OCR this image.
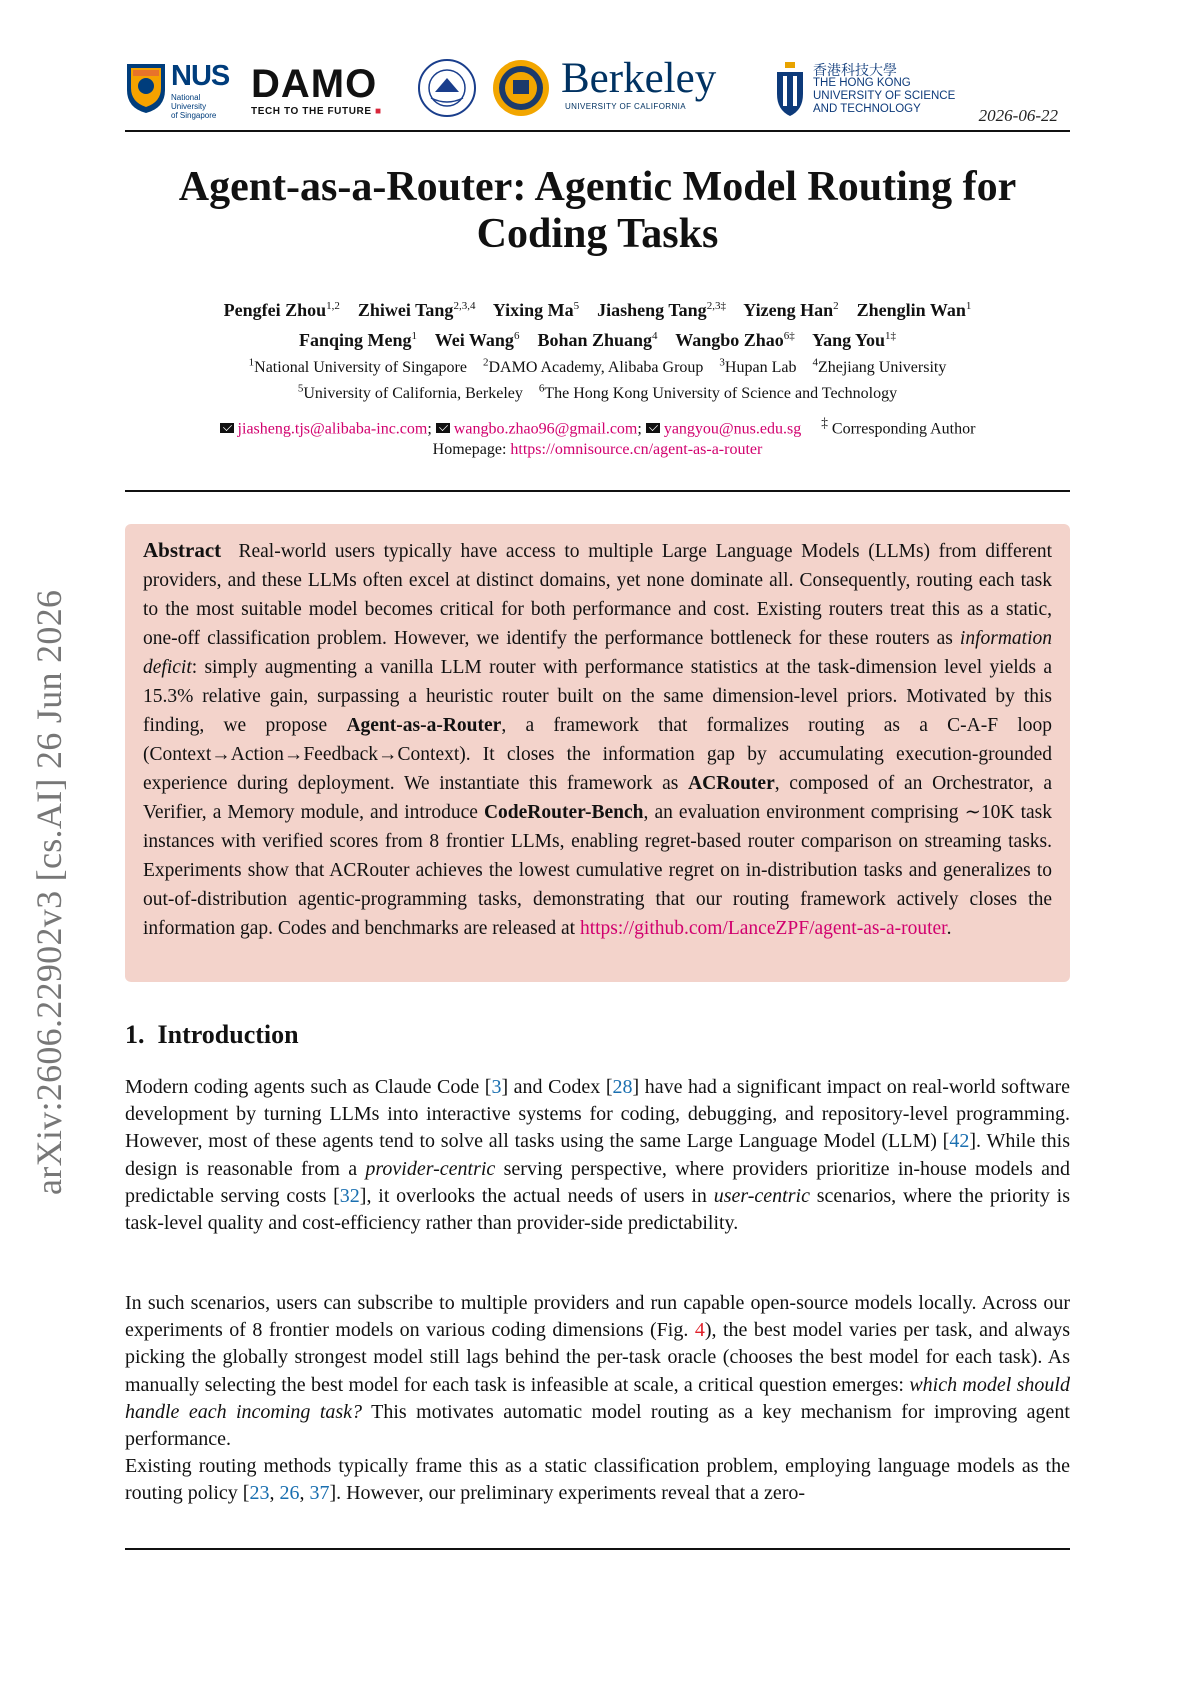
NUS
National University
of Singapore
DAMO
TECH TO THE FUTURE ■
Berkeley
UNIVERSITY OF CALIFORNIA
香港科技大學
THE HONG KONG
UNIVERSITY OF SCIENCE
AND TECHNOLOGY	2026-06-22
arXiv:2606.22902v3 [cs.AI] 26 Jun 2026
Agent-as-a-Router: Agentic Model Routing for
Coding Tasks
Pengfei Zhou$^{1,2}$ Zhiwei Tang$^{2,3,4}$ Yixing Ma$^5$ Jiasheng Tang$^{2,3\ddagger}$ Yizeng Han$^2$ Zhenglin Wan$^1$
Fanqing Meng$^1$ Wei Wang$^6$ Bohan Zhuang$^4$ Wangbo Zhao$^{6\ddagger}$ Yang You$^{1\ddagger}$
$^1$National University of Singapore $^2$DAMO Academy, Alibaba Group $^3$Hupan Lab $^4$Zhejiang University
$^5$University of California, Berkeley $^6$The Hong Kong University of Science and Technology
jiasheng.tjs@alibaba-inc.com; wangbo.zhao96@gmail.com; yangyou@nus.edu.sg ‡ Corresponding Author
Homepage: https://omnisource.cn/agent-as-a-router
Abstract Real-world users typically have access to multiple Large Language Models (LLMs) from different providers, and these LLMs often excel at distinct domains, yet none dominate all. Consequently, routing each task to the most suitable model becomes critical for both performance and cost. Existing routers treat this as a static, one-off classification problem. However, we identify the performance bottleneck for these routers as information deficit: simply augmenting a vanilla LLM router with performance statistics at the task-dimension level yields a 15.3% relative gain, surpassing a heuristic router built on the same dimension-level priors. Motivated by this finding, we propose Agent-as-a-Router, a framework that formalizes routing as a C-A-F loop (Context→Action→Feedback→Context). It closes the information gap by accumulating execution-grounded experience during deployment. We instantiate this framework as ACRouter, composed of an Orchestrator, a Verifier, a Memory module, and introduce CodeRouter-Bench, an evaluation environment comprising ∼10K task instances with verified scores from 8 frontier LLMs, enabling regret-based router comparison on streaming tasks. Experiments show that ACRouter achieves the lowest cumulative regret on in-distribution tasks and generalizes to out-of-distribution agentic-programming tasks, demonstrating that our routing framework actively closes the information gap. Codes and benchmarks are released at https://github.com/LanceZPF/agent-as-a-router.
1. Introduction
Modern coding agents such as Claude Code [3] and Codex [28] have had a significant impact on real-world software development by turning LLMs into interactive systems for coding, debugging, and repository-level programming. However, most of these agents tend to solve all tasks using the same Large Language Model (LLM) [42]. While this design is reasonable from a provider-centric serving perspective, where providers prioritize in-house models and predictable serving costs [32], it overlooks the actual needs of users in user-centric scenarios, where the priority is task-level quality and cost-efficiency rather than provider-side predictability.
In such scenarios, users can subscribe to multiple providers and run capable open-source models locally. Across our experiments of 8 frontier models on various coding dimensions (Fig. 4), the best model varies per task, and always picking the globally strongest model still lags behind the per-task oracle (chooses the best model for each task). As manually selecting the best model for each task is infeasible at scale, a critical question emerges: which model should handle each incoming task? This motivates automatic model routing as a key mechanism for improving agent performance.
Existing routing methods typically frame this as a static classification problem, employing language models as the routing policy [23, 26, 37]. However, our preliminary experiments reveal that a zero-
